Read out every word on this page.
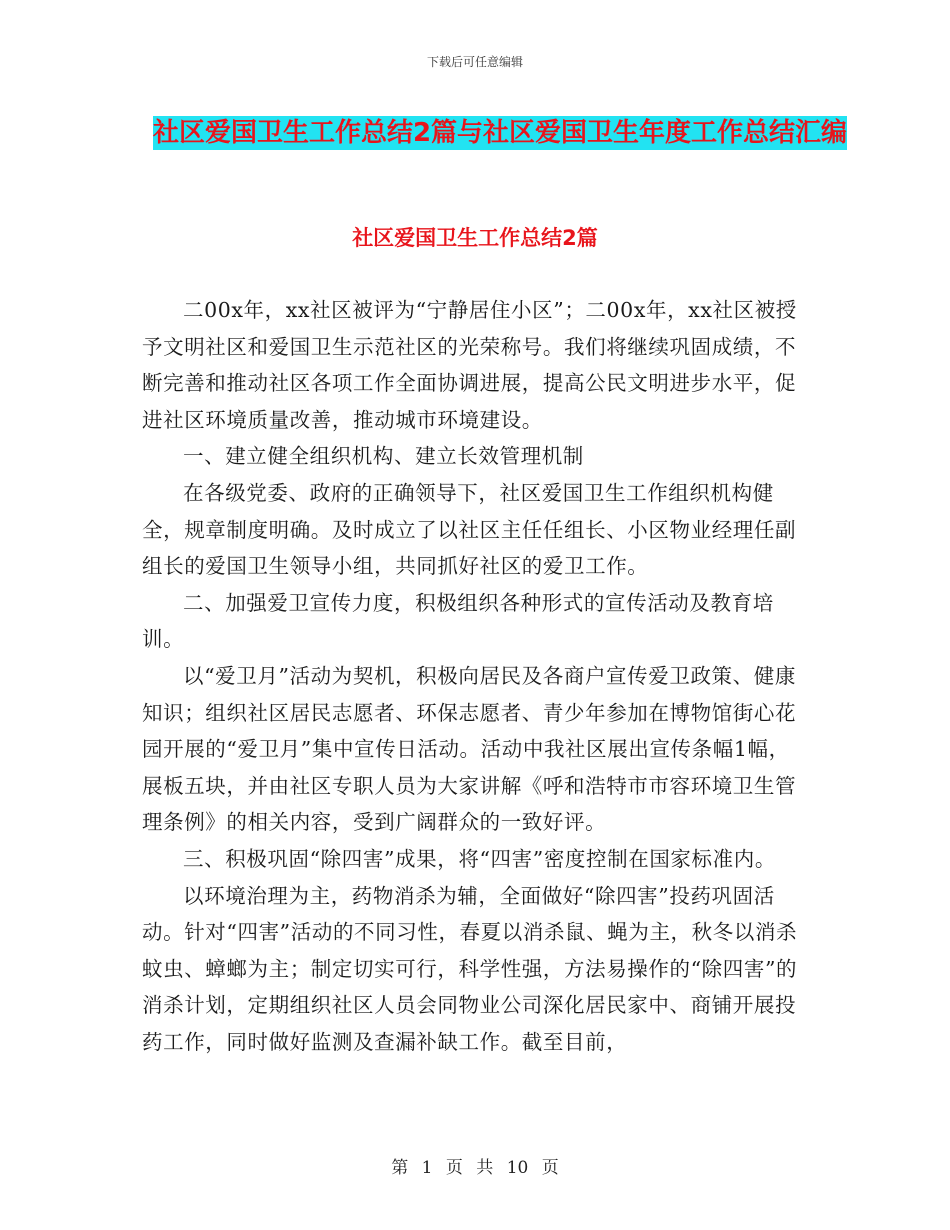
下载后可任意编辑
社区爱国卫生工作总结2篇与社区爱国卫生年度工作总结汇编
社区爱国卫生工作总结2篇

二00x年，xx社区被评为“宁静居住小区”；二00x年，xx社区被授予文明社区和爱国卫生示范社区的光荣称号。我们将继续巩固成绩，不断完善和推动社区各项工作全面协调进展，提高公民文明进步水平，促进社区环境质量改善，推动城市环境建设。

一、建立健全组织机构、建立长效管理机制

在各级党委、政府的正确领导下，社区爱国卫生工作组织机构健全，规章制度明确。及时成立了以社区主任任组长、小区物业经理任副组长的爱国卫生领导小组，共同抓好社区的爱卫工作。

二、加强爱卫宣传力度，积极组织各种形式的宣传活动及教育培训。

以“爱卫月”活动为契机，积极向居民及各商户宣传爱卫政策、健康知识；组织社区居民志愿者、环保志愿者、青少年参加在博物馆街心花园开展的“爱卫月”集中宣传日活动。活动中我社区展出宣传条幅1幅，展板五块，并由社区专职人员为大家讲解《呼和浩特市市容环境卫生管理条例》的相关内容，受到广阔群众的一致好评。

三、积极巩固“除四害”成果，将“四害”密度控制在国家标准内。

以环境治理为主，药物消杀为辅，全面做好“除四害”投药巩固活动。针对“四害”活动的不同习性，春夏以消杀鼠、蝇为主，秋冬以消杀蚊虫、蟑螂为主；制定切实可行，科学性强，方法易操作的“除四害”的消杀计划，定期组织社区人员会同物业公司深化居民家中、商铺开展投药工作，同时做好监测及查漏补缺工作。截至目前，

第 1 页 共 10 页
